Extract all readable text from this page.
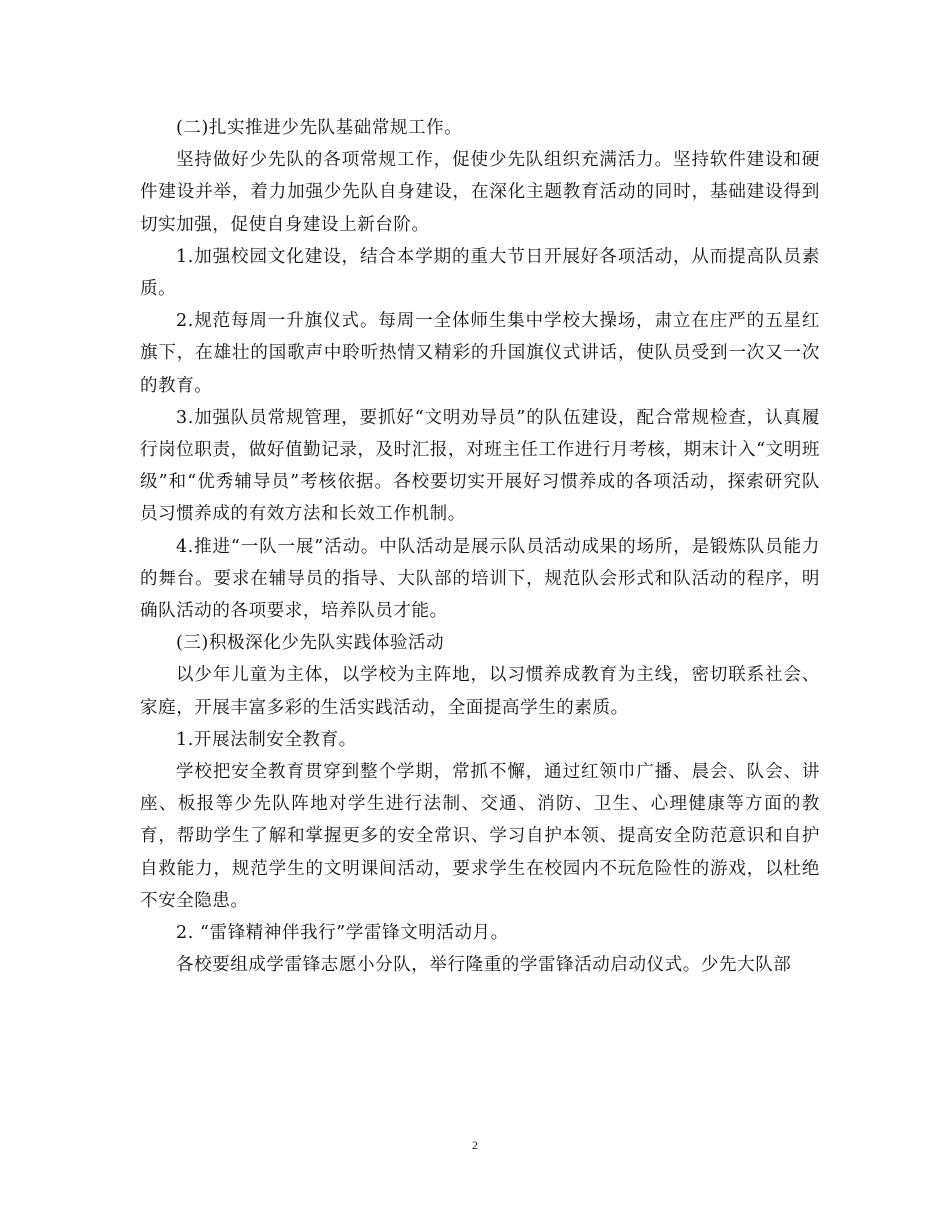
(二)扎实推进少先队基础常规工作。

坚持做好少先队的各项常规工作，促使少先队组织充满活力。坚持软件建设和硬件建设并举，着力加强少先队自身建设，在深化主题教育活动的同时，基础建设得到切实加强，促使自身建设上新台阶。

1.加强校园文化建设，结合本学期的重大节日开展好各项活动，从而提高队员素质。

2.规范每周一升旗仪式。每周一全体师生集中学校大操场，肃立在庄严的五星红旗下，在雄壮的国歌声中聆听热情又精彩的升国旗仪式讲话，使队员受到一次又一次的教育。

3.加强队员常规管理，要抓好“文明劝导员”的队伍建设，配合常规检查，认真履行岗位职责，做好值勤记录，及时汇报，对班主任工作进行月考核，期末计入“文明班级”和“优秀辅导员”考核依据。各校要切实开展好习惯养成的各项活动，探索研究队员习惯养成的有效方法和长效工作机制。

4.推进“一队一展”活动。中队活动是展示队员活动成果的场所，是锻炼队员能力的舞台。要求在辅导员的指导、大队部的培训下，规范队会形式和队活动的程序，明确队活动的各项要求，培养队员才能。

(三)积极深化少先队实践体验活动

以少年儿童为主体，以学校为主阵地，以习惯养成教育为主线，密切联系社会、家庭，开展丰富多彩的生活实践活动，全面提高学生的素质。

1.开展法制安全教育。

学校把安全教育贯穿到整个学期，常抓不懈，通过红领巾广播、晨会、队会、讲座、板报等少先队阵地对学生进行法制、交通、消防、卫生、心理健康等方面的教育，帮助学生了解和掌握更多的安全常识、学习自护本领、提高安全防范意识和自护自救能力，规范学生的文明课间活动，要求学生在校园内不玩危险性的游戏，以杜绝不安全隐患。

2. “雷锋精神伴我行”学雷锋文明活动月。

各校要组成学雷锋志愿小分队，举行隆重的学雷锋活动启动仪式。少先大队部

2
